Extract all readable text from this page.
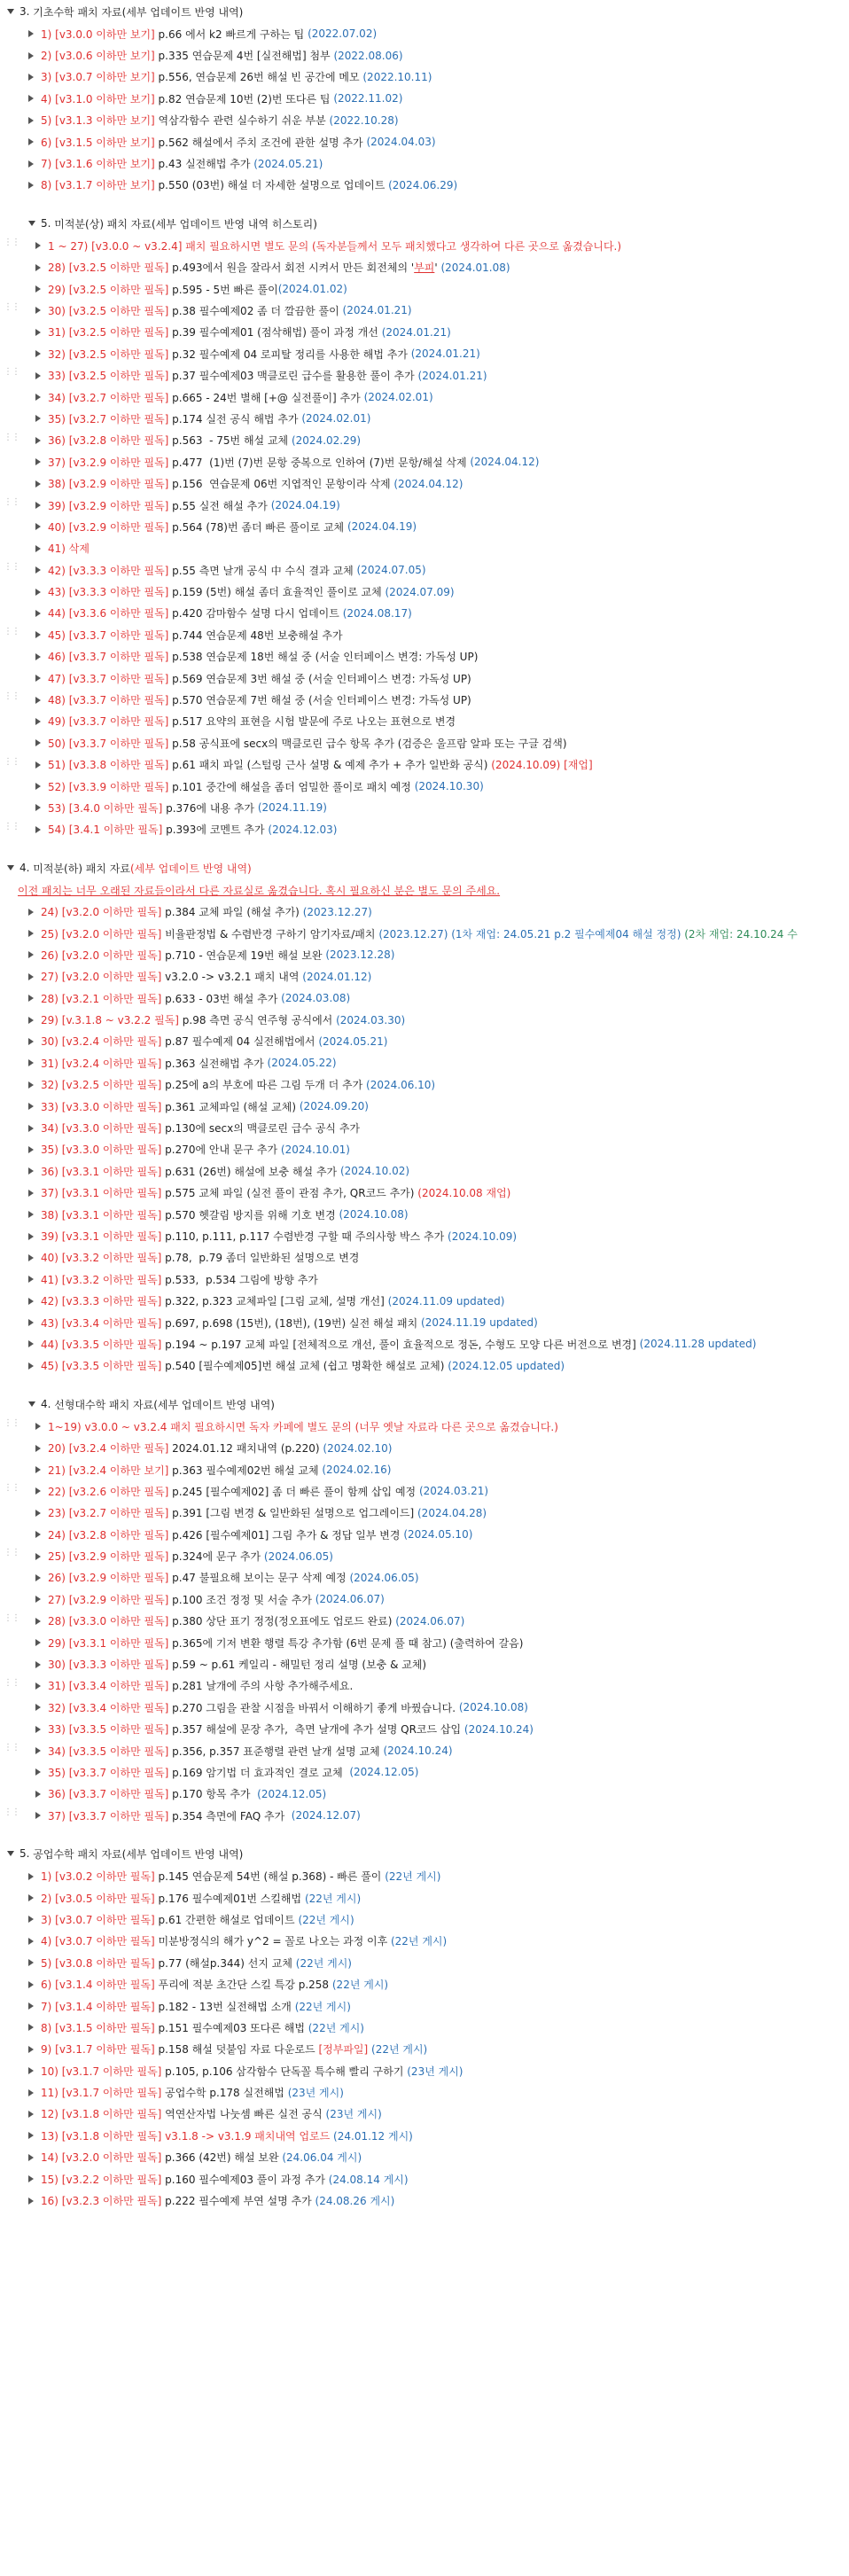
3. 기초수학 패치 자료 (세부 업데이트 반영 내역)
1) [v3.0.0 이하만 보기] p.66 에서 k2 빠르게 구하는 팁 (2022.07.02)
2) [v3.0.6 이하만 보기] p.335 연습문제 4번 [실전해법] 첨부 (2022.08.06)
3) [v3.0.7 이하만 보기] p.556, 연습문제 26번 해설 빈 공간에 메모 (2022.10.11)
4) [v3.1.0 이하만 보기] p.82 연습문제 10번 (2)번 또다른 팁 (2022.11.02)
5) [v3.1.3 이하만 보기] 역삼각함수 관련 실수하기 쉬운 부분 (2022.10.28)
6) [v3.1.5 이하만 보기] p.562 해설에서 주치 조건에 관한 설명 추가 (2024.04.03)
7) [v3.1.6 이하만 보기] p.43 실전해법 추가 (2024.05.21)
8) [v3.1.7 이하만 보기] p.550 (03번) 해설 더 자세한 설명으로 업데이트 (2024.06.29)
5. 미적분(상) 패치 자료 (세부 업데이트 반영 내역 히스토리)
⋮⋮	1 ~ 27) [v3.0.0 ~ v3.2.4] 패치 필요하시면 별도 문의 (독자분들께서 모두 패치했다고 생각하여 다른 곳으로 옮겼습니다.)
28) [v3.2.5 이하만 필독] p.493에서 원을 잘라서 회전 시켜서 만든 회전체의 ' 부피 ' (2024.01.08)
29) [v3.2.5 이하만 필독] p.595 - 5번 빠른 풀이 (2024.01.02)
⋮⋮	30) [v3.2.5 이하만 필독] p.38 필수예제02 좀 더 깔끔한 풀이 (2024.01.21)
31) [v3.2.5 이하만 필독] p.39 필수예제01 (점삭해법) 풀이 과정 개선 (2024.01.21)
32) [v3.2.5 이하만 필독] p.32 필수예제 04 로피탈 정리를 사용한 해법 추가 (2024.01.21)
⋮⋮	33) [v3.2.5 이하만 필독] p.37 필수예제03 맥클로린 급수를 활용한 풀이 추가 (2024.01.21)
34) [v3.2.7 이하만 필독] p.665 - 24번 별해 [+@ 실전풀이] 추가 (2024.02.01)
35) [v3.2.7 이하만 필독] p.174 실전 공식 해법 추가 (2024.02.01)
⋮⋮	36) [v3.2.8 이하만 필독] p.563  - 75번 해설 교체 (2024.02.29)
37) [v3.2.9 이하만 필독] p.477  (1)번 (7)번 문항 중복으로 인하여 (7)번 문항/해설 삭제 (2024.04.12)
38) [v3.2.9 이하만 필독] p.156  연습문제 06번 지엽적인 문항이라 삭제 (2024.04.12)
⋮⋮	39) [v3.2.9 이하만 필독] p.55 실전 해설 추가 (2024.04.19)
40) [v3.2.9 이하만 필독] p.564 (78)번 좀더 빠른 풀이로 교체 (2024.04.19)
41) 삭제
⋮⋮	42) [v3.3.3 이하만 필독] p.55 측면 날개 공식 中 수식 결과 교체 (2024.07.05)
43) [v3.3.3 이하만 필독] p.159 (5번) 해설 좀더 효율적인 풀이로 교체 (2024.07.09)
44) [v3.3.6 이하만 필독] p.420 감마함수 설명 다시 업데이트 (2024.08.17)
⋮⋮	45) [v3.3.7 이하만 필독] p.744 연습문제 48번 보충해설 추가
46) [v3.3.7 이하만 필독] p.538 연습문제 18번 해설 중 (서술 인터페이스 변경: 가독성 UP)
47) [v3.3.7 이하만 필독] p.569 연습문제 3번 해설 중 (서술 인터페이스 변경: 가독성 UP)
⋮⋮	48) [v3.3.7 이하만 필독] p.570 연습문제 7번 해설 중 (서술 인터페이스 변경: 가독성 UP)
49) [v3.3.7 이하만 필독] p.517 요약의 표현을 시험 발문에 주로 나오는 표현으로 변경
50) [v3.3.7 이하만 필독] p.58 공식표에 secx의 맥클로린 급수 항목 추가 (검증은 울프람 알파 또는 구글 검색)
⋮⋮	51) [v3.3.8 이하만 필독] p.61 패치 파일 (스털링 근사 설명 & 예제 추가 + 추가 일반화 공식) (2024.10.09) [재업]
52) [v3.3.9 이하만 필독] p.101 중간에 해설을 좀더 엄밀한 풀이로 패치 예정 (2024.10.30)
53) [3.4.0 이하만 필독] p.376에 내용 추가 (2024.11.19)
⋮⋮	54) [3.4.1 이하만 필독] p.393에 코멘트 추가 (2024.12.03)
4. 미적분(하) 패치 자료 (세부 업데이트 반영 내역)
이전 패치는 너무 오래된 자료들이라서 다른 자료실로 옮겼습니다. 혹시 필요하신 분은 별도 문의 주세요.
24) [v3.2.0 이하만 필독] p.384 교체 파일 (해설 추가) (2023.12.27)
25) [v3.2.0 이하만 필독] 비율판정법 & 수렴반경 구하기 암기자료/패치 (2023.12.27) (1차 재업: 24.05.21 p.2 필수예제04 해설 정정) (2차 재업: 24.10.24 수
26) [v3.2.0 이하만 필독] p.710 - 연습문제 19번 해설 보완 (2023.12.28)
27) [v3.2.0 이하만 필독] v3.2.0 -> v3.2.1 패치 내역 (2024.01.12)
28) [v3.2.1 이하만 필독] p.633 - 03번 해설 추가 (2024.03.08)
29) [v.3.1.8 ~ v3.2.2 필독] p.98 측면 공식 연주형 공식에서 (2024.03.30)
30) [v3.2.4 이하만 필독] p.87 필수예제 04 실전해법에서 (2024.05.21)
31) [v3.2.4 이하만 필독] p.363 실전해법 추가 (2024.05.22)
32) [v3.2.5 이하만 필독] p.25에 a의 부호에 따른 그림 두개 더 추가 (2024.06.10)
33) [v3.3.0 이하만 필독] p.361 교체파일 (해설 교체) (2024.09.20)
34) [v3.3.0 이하만 필독] p.130에 secx의 맥클로린 급수 공식 추가
35) [v3.3.0 이하만 필독] p.270에 안내 문구 추가 (2024.10.01)
36) [v3.3.1 이하만 필독] p.631 (26번) 해설에 보충 해설 추가 (2024.10.02)
37) [v3.3.1 이하만 필독] p.575 교체 파일 (실전 풀이 관점 추가, QR코드 추가) (2024.10.08 재업)
38) [v3.3.1 이하만 필독] p.570 헷갈림 방지를 위해 기호 변경 (2024.10.08)
39) [v3.3.1 이하만 필독] p.110, p.111, p.117 수렴반경 구할 때 주의사항 박스 추가 (2024.10.09)
40) [v3.3.2 이하만 필독] p.78,  p.79 좀더 일반화된 설명으로 변경
41) [v3.3.2 이하만 필독] p.533,  p.534 그림에 방향 추가
42) [v3.3.3 이하만 필독] p.322, p.323 교체파일 [그림 교체, 설명 개선] (2024.11.09 updated)
43) [v3.3.4 이하만 필독] p.697, p.698 (15번), (18번), (19번) 실전 해설 패치 (2024.11.19 updated)
44) [v3.3.5 이하만 필독] p.194 ~ p.197 교체 파일 [전체적으로 개선, 풀이 효율적으로 정돈, 수형도 모양 다른 버전으로 변경] (2024.11.28 updated)
45) [v3.3.5 이하만 필독] p.540 [필수예제05]번 해설 교체 (쉽고 명확한 해설로 교체) (2024.12.05 updated)
4. 선형대수학 패치 자료 (세부 업데이트 반영 내역)
⋮⋮	1~19) v3.0.0 ~ v3.2.4 패치 필요하시면 독자 카페에 별도 문의 (너무 옛날 자료라 다른 곳으로 옮겼습니다.)
20) [v3.2.4 이하만 필독] 2024.01.12 패치내역 (p.220) (2024.02.10)
21) [v3.2.4 이하만 보기] p.363 필수예제02번 해설 교체 (2024.02.16)
⋮⋮	22) [v3.2.6 이하만 필독] p.245 [필수예제02] 좀 더 빠른 풀이 함께 삽입 예정 (2024.03.21)
23) [v3.2.7 이하만 필독] p.391 [그림 변경 & 일반화된 설명으로 업그레이드] (2024.04.28)
24) [v3.2.8 이하만 필독] p.426 [필수예제01] 그림 추가 & 정답 일부 변경 (2024.05.10)
⋮⋮	25) [v3.2.9 이하만 필독] p.324에 문구 추가 (2024.06.05)
26) [v3.2.9 이하만 필독] p.47 불필요해 보이는 문구 삭제 예정 (2024.06.05)
27) [v3.2.9 이하만 필독] p.100 조건 정정 및 서술 추가 (2024.06.07)
⋮⋮	28) [v3.3.0 이하만 필독] p.380 상단 표기 정정(정오표에도 업로드 완료) (2024.06.07)
29) [v3.3.1 이하만 필독] p.365에 기저 변환 행렬 특강 추가함 (6번 문제 풀 때 참고) (출력하여 갈음)
30) [v3.3.3 이하만 필독] p.59 ~ p.61 케일리 - 해밀턴 정리 설명 (보충 & 교체)
⋮⋮	31) [v3.3.4 이하만 필독] p.281 날개에 주의 사항 추가해주세요.
32) [v3.3.4 이하만 필독] p.270 그림을 관찰 시점을 바꿔서 이해하기 좋게 바꿨습니다. (2024.10.08)
33) [v3.3.5 이하만 필독] p.357 해설에 문장 추가,  측면 날개에 추가 설명 QR코드 삽입 (2024.10.24)
⋮⋮	34) [v3.3.5 이하만 필독] p.356, p.357 표준행렬 관련 날개 설명 교체 (2024.10.24)
35) [v3.3.7 이하만 필독] p.169 암기법 더 효과적인 결로 교체 (2024.12.05)
36) [v3.3.7 이하만 필독] p.170 항목 추가 (2024.12.05)
⋮⋮	37) [v3.3.7 이하만 필독] p.354 측면에 FAQ 추가 (2024.12.07)
5. 공업수학 패치 자료 (세부 업데이트 반영 내역)
1) [v3.0.2 이하만 필독] p.145 연습문제 54번 (해설 p.368) - 빠른 풀이 (22년 게시)
2) [v3.0.5 이하만 필독] p.176 필수예제01번 스킬해법 (22년 게시)
3) [v3.0.7 이하만 필독] p.61 간편한 해설로 업데이트 (22년 게시)
4) [v3.0.7 이하만 필독] 미분방정식의 해가 y^2 = 꼴로 나오는 과정 이후 (22년 게시)
5) [v3.0.8 이하만 필독] p.77 (해설p.344) 선지 교체 (22년 게시)
6) [v3.1.4 이하만 필독] 푸리에 적분 초간단 스킬 특강 p.258 (22년 게시)
7) [v3.1.4 이하만 필독] p.182 - 13번 실전해법 소개 (22년 게시)
8) [v3.1.5 이하만 필독] p.151 필수예제03 또다른 해법 (22년 게시)
9) [v3.1.7 이하만 필독] p.158 해설 덧붙임 자료 다운로드 [정부파일] (22년 게시)
10) [v3.1.7 이하만 필독] p.105, p.106 삼각함수 단독꼴 특수해 빨리 구하기 (23년 게시)
11) [v3.1.7 이하만 필독] 공업수학 p.178 실전해법 (23년 게시)
12) [v3.1.8 이하만 필독] 역연산자법 나눗셈 빠른 실전 공식 (23년 게시)
13) [v3.1.8 이하만 필독] v3.1.8 -> v3.1.9 패치내역 업로드 (24.01.12 게시)
14) [v3.2.0 이하만 필독] p.366 (42번) 해설 보완 (24.06.04 게시)
15) [v3.2.2 이하만 필독] p.160 필수예제03 풀이 과정 추가 (24.08.14 게시)
16) [v3.2.3 이하만 필독] p.222 필수예제 부연 설명 추가 (24.08.26 게시)
